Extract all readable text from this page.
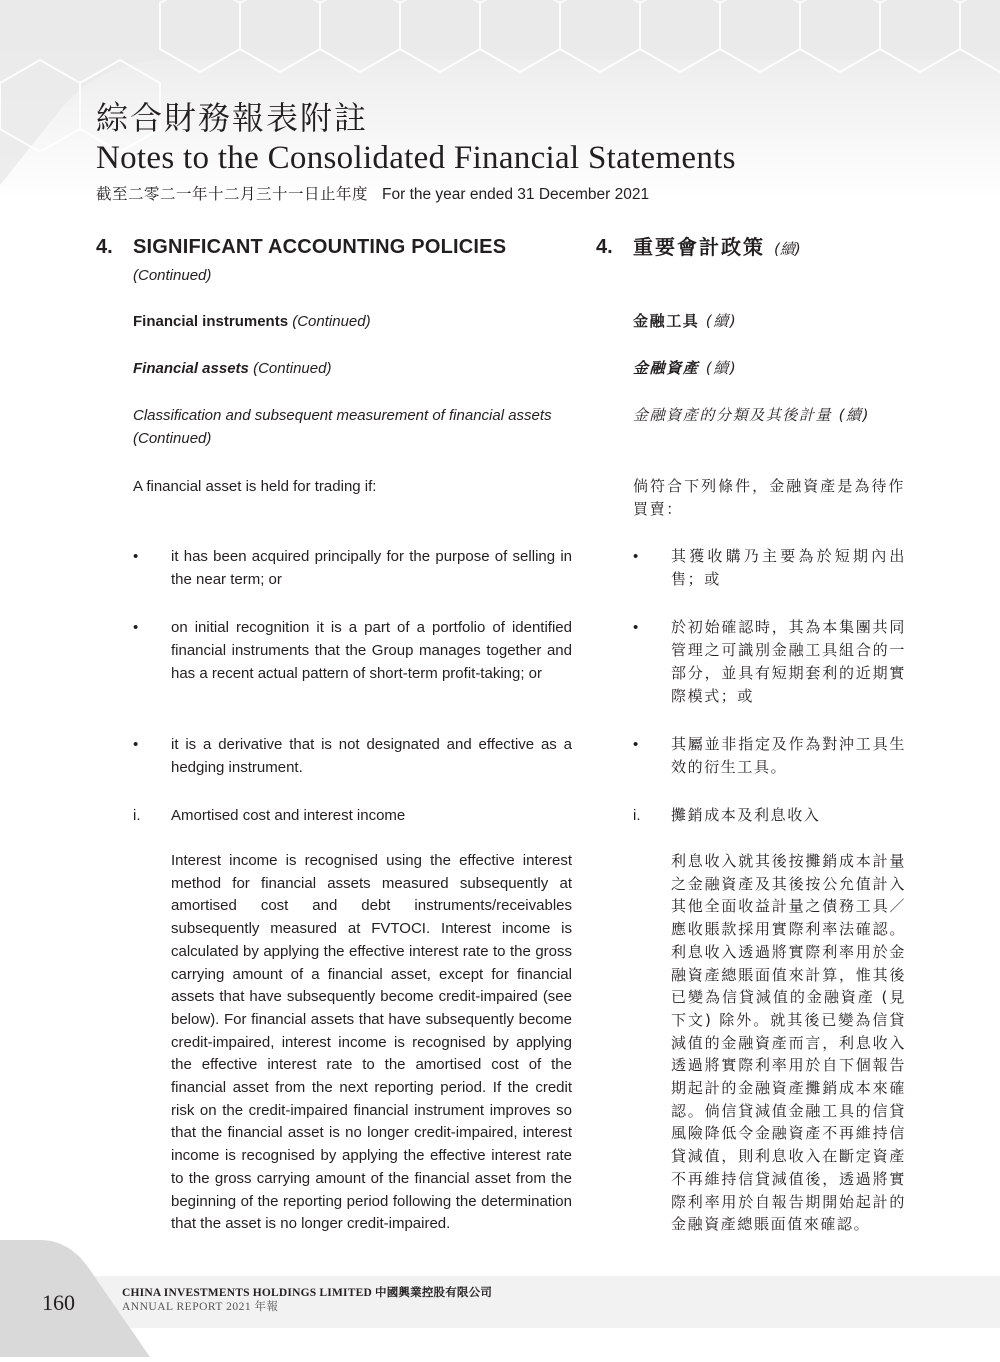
綜合財務報表附註
Notes to the Consolidated Financial Statements
截至二零二一年十二月三十一日止年度 For the year ended 31 December 2021
4. SIGNIFICANT ACCOUNTING POLICIES
(Continued)
Financial instruments (Continued)
Financial assets (Continued)
Classification and subsequent measurement of financial assets
(Continued)
A financial asset is held for trading if:
• it has been acquired principally for the purpose of selling in the near term; or
• on initial recognition it is a part of a portfolio of identified financial instruments that the Group manages together and has a recent actual pattern of short-term profit-taking; or
• it is a derivative that is not designated and effective as a hedging instrument.
i. Amortised cost and interest income
Interest income is recognised using the effective interest method for financial assets measured subsequently at amortised cost and debt instruments/receivables subsequently measured at FVTOCI. Interest income is calculated by applying the effective interest rate to the gross carrying amount of a financial asset, except for financial assets that have subsequently become credit-impaired (see below). For financial assets that have subsequently become credit-impaired, interest income is recognised by applying the effective interest rate to the amortised cost of the financial asset from the next reporting period. If the credit risk on the credit-impaired financial instrument improves so that the financial asset is no longer credit-impaired, interest income is recognised by applying the effective interest rate to the gross carrying amount of the financial asset from the beginning of the reporting period following the determination that the asset is no longer credit-impaired.
4. 重要會計政策 (續)
金融工具 (續)
金融資產 (續)
金融資產的分類及其後計量 (續)
倘符合下列條件，金融資產是為待作買賣：
• 其獲收購乃主要為於短期內出售；或
• 於初始確認時，其為本集團共同管理之可識別金融工具組合的一部分，並具有短期套利的近期實際模式；或
• 其屬並非指定及作為對沖工具生效的衍生工具。
i. 攤銷成本及利息收入
利息收入就其後按攤銷成本計量之金融資產及其後按公允值計入其他全面收益計量之債務工具／應收賬款採用實際利率法確認。利息收入透過將實際利率用於金融資產總賬面值來計算，惟其後已變為信貸減值的金融資產 (見下文) 除外。就其後已變為信貸減值的金融資產而言，利息收入透過將實際利率用於自下個報告期起計的金融資產攤銷成本來確認。倘信貸減值金融工具的信貸風險降低令金融資產不再維持信貸減值，則利息收入在斷定資產不再維持信貸減值後，透過將實際利率用於自報告期開始起計的金融資產總賬面值來確認。
160	CHINA INVESTMENTS HOLDINGS LIMITED 中國興業控股有限公司
ANNUAL REPORT 2021 年報
